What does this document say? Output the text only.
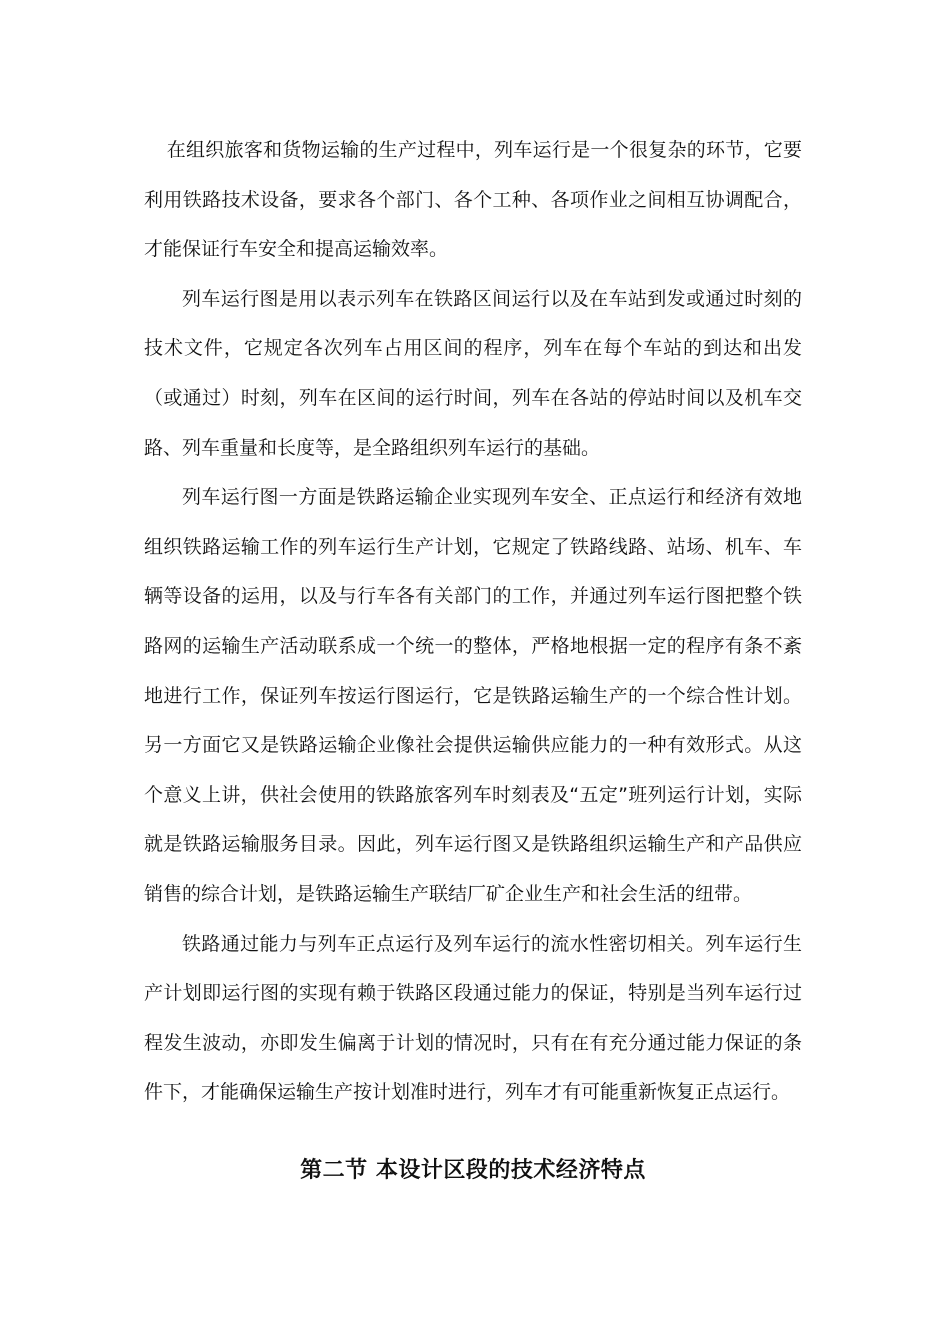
在组织旅客和货物运输的生产过程中，列车运行是一个很复杂的环节，它要利用铁路技术设备，要求各个部门、各个工种、各项作业之间相互协调配合，才能保证行车安全和提高运输效率。

列车运行图是用以表示列车在铁路区间运行以及在车站到发或通过时刻的技术文件，它规定各次列车占用区间的程序，列车在每个车站的到达和出发（或通过）时刻，列车在区间的运行时间，列车在各站的停站时间以及机车交路、列车重量和长度等，是全路组织列车运行的基础。

列车运行图一方面是铁路运输企业实现列车安全、正点运行和经济有效地组织铁路运输工作的列车运行生产计划，它规定了铁路线路、站场、机车、车辆等设备的运用，以及与行车各有关部门的工作，并通过列车运行图把整个铁路网的运输生产活动联系成一个统一的整体，严格地根据一定的程序有条不紊地进行工作，保证列车按运行图运行，它是铁路运输生产的一个综合性计划。另一方面它又是铁路运输企业像社会提供运输供应能力的一种有效形式。从这个意义上讲，供社会使用的铁路旅客列车时刻表及“五定”班列运行计划，实际就是铁路运输服务目录。因此，列车运行图又是铁路组织运输生产和产品供应销售的综合计划，是铁路运输生产联结厂矿企业生产和社会生活的纽带。

铁路通过能力与列车正点运行及列车运行的流水性密切相关。列车运行生产计划即运行图的实现有赖于铁路区段通过能力的保证，特别是当列车运行过程发生波动，亦即发生偏离于计划的情况时，只有在有充分通过能力保证的条件下，才能确保运输生产按计划准时进行，列车才有可能重新恢复正点运行。

第二节 本设计区段的技术经济特点
